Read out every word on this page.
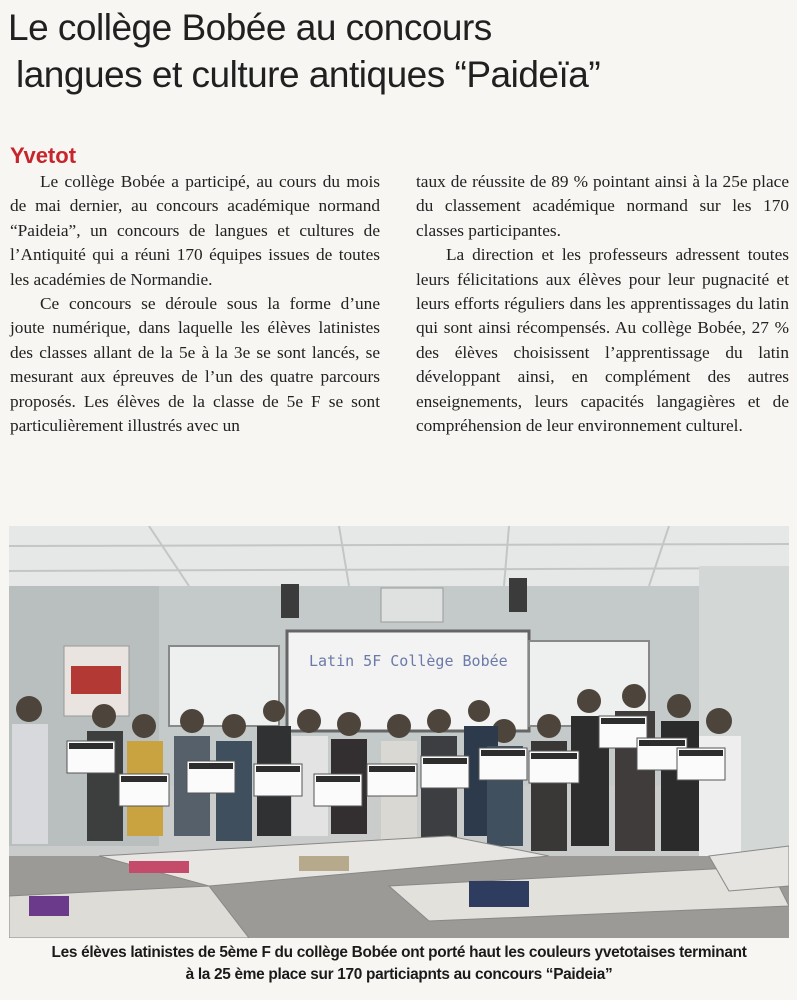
Le collège Bobée au concours
langues et culture antiques “Paideïa”
Yvetot

Le collège Bobée a participé, au cours du mois de mai dernier, au concours académique normand “Paideia”, un concours de langues et cultures de l’Antiquité qui a réuni 170 équipes issues de toutes les académies de Normandie.

Ce concours se déroule sous la forme d’une joute numérique, dans laquelle les élèves latinistes des classes allant de la 5e à la 3e se sont lancés, se mesurant aux épreuves de l’un des quatre parcours proposés. Les élèves de la classe de 5e F se sont particulièrement illustrés avec un

taux de réussite de 89 % pointant ainsi à la 25e place du classement académique normand sur les 170 classes participantes.

La direction et les professeurs adressent toutes leurs félicitations aux élèves pour leur pugnacité et leurs efforts réguliers dans les apprentissages du latin qui sont ainsi récompensés. Au collège Bobée, 27 % des élèves choisissent l’apprentissage du latin développant ainsi, en complément des autres enseignements, leurs capacités langagières et de compréhension de leur environnement culturel.

Latin 5F Collège Bobée
Les élèves latinistes de 5ème F du collège Bobée ont porté haut les couleurs yvetotaises terminant
à la 25 ème place sur 170 particiapnts au concours “Paideia”
